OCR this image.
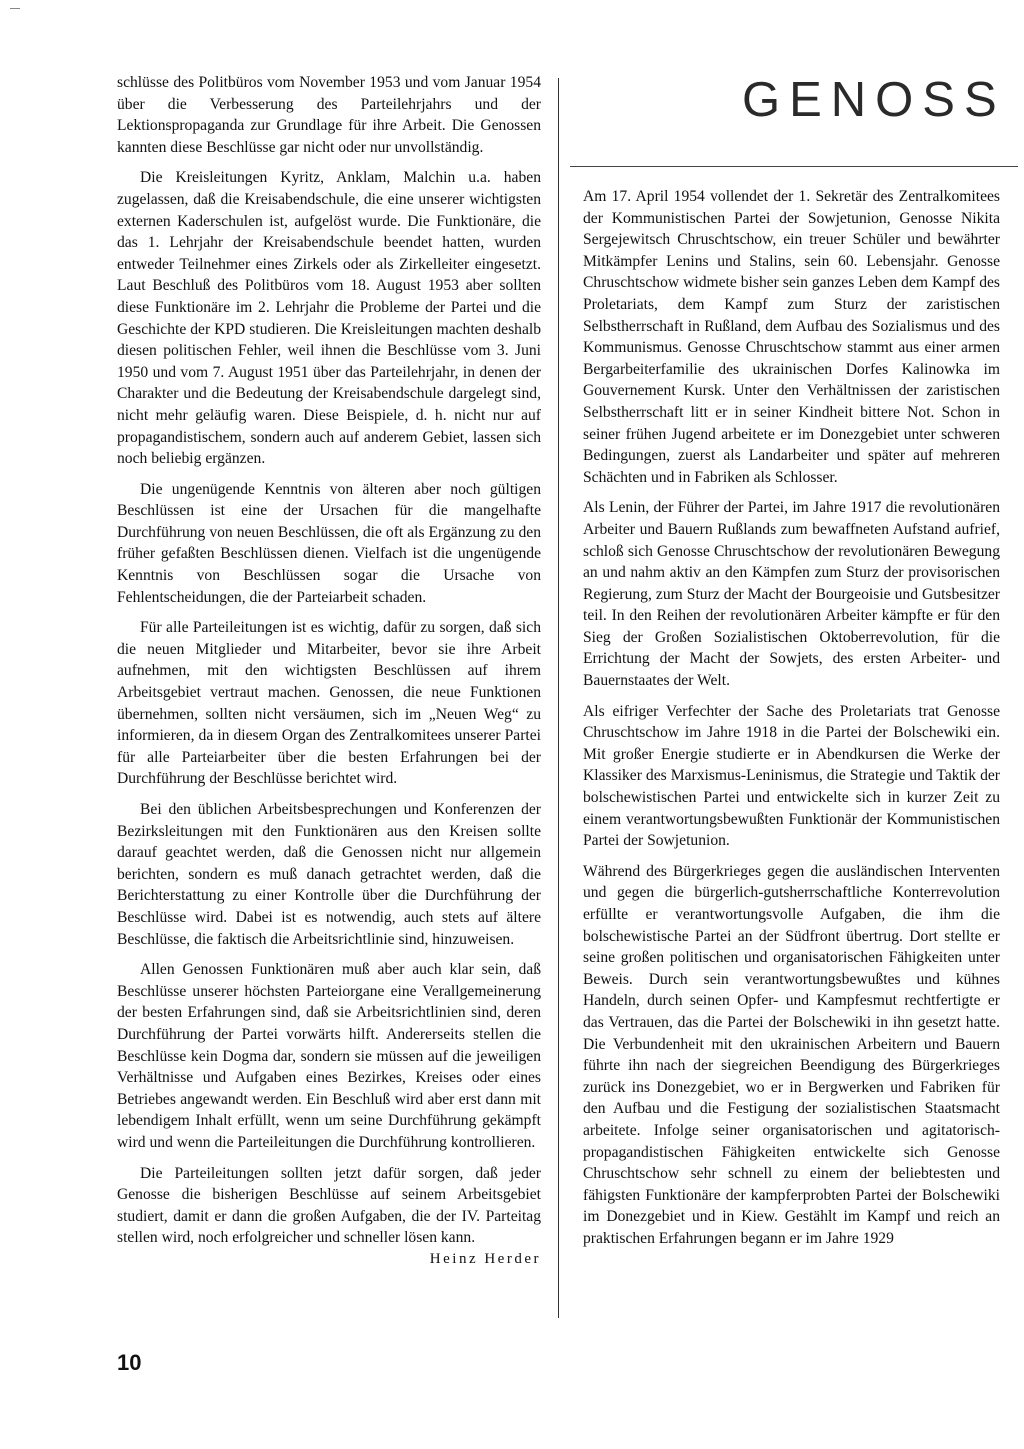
schlüsse des Politbüros vom November 1953 und vom Januar 1954 über die Verbesserung des Parteilehrjahrs und der Lektionspropaganda zur Grundlage für ihre Arbeit. Die Genossen kannten diese Beschlüsse gar nicht oder nur unvollständig.

Die Kreisleitungen Kyritz, Anklam, Malchin u.a. haben zugelassen, daß die Kreisabendschule, die eine unserer wichtigsten externen Kaderschulen ist, aufgelöst wurde. Die Funktionäre, die das 1. Lehrjahr der Kreisabendschule beendet hatten, wurden entweder Teilnehmer eines Zirkels oder als Zirkelleiter eingesetzt. Laut Beschluß des Politbüros vom 18. August 1953 aber sollten diese Funktionäre im 2. Lehrjahr die Probleme der Partei und die Geschichte der KPD studieren. Die Kreisleitungen machten deshalb diesen politischen Fehler, weil ihnen die Beschlüsse vom 3. Juni 1950 und vom 7. August 1951 über das Parteilehrjahr, in denen der Charakter und die Bedeutung der Kreisabendschule dargelegt sind, nicht mehr geläufig waren. Diese Beispiele, d. h. nicht nur auf propagandistischem, sondern auch auf anderem Gebiet, lassen sich noch beliebig ergänzen.

Die ungenügende Kenntnis von älteren aber noch gültigen Beschlüssen ist eine der Ursachen für die mangelhafte Durchführung von neuen Beschlüssen, die oft als Ergänzung zu den früher gefaßten Beschlüssen dienen. Vielfach ist die ungenügende Kenntnis von Beschlüssen sogar die Ursache von Fehlentscheidungen, die der Parteiarbeit schaden.

Für alle Parteileitungen ist es wichtig, dafür zu sorgen, daß sich die neuen Mitglieder und Mitarbeiter, bevor sie ihre Arbeit aufnehmen, mit den wichtigsten Beschlüssen auf ihrem Arbeitsgebiet vertraut machen. Genossen, die neue Funktionen übernehmen, sollten nicht versäumen, sich im „Neuen Weg“ zu informieren, da in diesem Organ des Zentralkomitees unserer Partei für alle Parteiarbeiter über die besten Erfahrungen bei der Durchführung der Beschlüsse berichtet wird.

Bei den üblichen Arbeitsbesprechungen und Konferenzen der Bezirksleitungen mit den Funktionären aus den Kreisen sollte darauf geachtet werden, daß die Genossen nicht nur allgemein berichten, sondern es muß danach getrachtet werden, daß die Berichterstattung zu einer Kontrolle über die Durchführung der Beschlüsse wird. Dabei ist es notwendig, auch stets auf ältere Beschlüsse, die faktisch die Arbeitsrichtlinie sind, hinzuweisen.

Allen Genossen Funktionären muß aber auch klar sein, daß Beschlüsse unserer höchsten Parteiorgane eine Verallgemeinerung der besten Erfahrungen sind, daß sie Arbeitsrichtlinien sind, deren Durchführung der Partei vorwärts hilft. Andererseits stellen die Beschlüsse kein Dogma dar, sondern sie müssen auf die jeweiligen Verhältnisse und Aufgaben eines Bezirkes, Kreises oder eines Betriebes angewandt werden. Ein Beschluß wird aber erst dann mit lebendigem Inhalt erfüllt, wenn um seine Durchführung gekämpft wird und wenn die Parteileitungen die Durchführung kontrollieren.

Die Parteileitungen sollten jetzt dafür sorgen, daß jeder Genosse die bisherigen Beschlüsse auf seinem Arbeitsgebiet studiert, damit er dann die großen Aufgaben, die der IV. Parteitag stellen wird, noch erfolgreicher und schneller lösen kann.

Heinz Herder
GENOSS

Am 17. April 1954 vollendet der 1. Sekretär des Zentralkomitees der Kommunistischen Partei der Sowjetunion, Genosse Nikita Sergejewitsch Chruschtschow, ein treuer Schüler und bewährter Mitkämpfer Lenins und Stalins, sein 60. Lebensjahr. Genosse Chruschtschow widmete bisher sein ganzes Leben dem Kampf des Proletariats, dem Kampf zum Sturz der zaristischen Selbstherrschaft in Rußland, dem Aufbau des Sozialismus und des Kommunismus. Genosse Chruschtschow stammt aus einer armen Bergarbeiterfamilie des ukrainischen Dorfes Kalinowka im Gouvernement Kursk. Unter den Verhältnissen der zaristischen Selbstherrschaft litt er in seiner Kindheit bittere Not. Schon in seiner frühen Jugend arbeitete er im Donezgebiet unter schweren Bedingungen, zuerst als Landarbeiter und später auf mehreren Schächten und in Fabriken als Schlosser.

Als Lenin, der Führer der Partei, im Jahre 1917 die revolutionären Arbeiter und Bauern Rußlands zum bewaffneten Aufstand aufrief, schloß sich Genosse Chruschtschow der revolutionären Bewegung an und nahm aktiv an den Kämpfen zum Sturz der provisorischen Regierung, zum Sturz der Macht der Bourgeoisie und Gutsbesitzer teil. In den Reihen der revolutionären Arbeiter kämpfte er für den Sieg der Großen Sozialistischen Oktoberrevolution, für die Errichtung der Macht der Sowjets, des ersten Arbeiter- und Bauernstaates der Welt.

Als eifriger Verfechter der Sache des Proletariats trat Genosse Chruschtschow im Jahre 1918 in die Partei der Bolschewiki ein. Mit großer Energie studierte er in Abendkursen die Werke der Klassiker des Marxismus-Leninismus, die Strategie und Taktik der bolschewistischen Partei und entwickelte sich in kurzer Zeit zu einem verantwortungsbewußten Funktionär der Kommunistischen Partei der Sowjetunion.

Während des Bürgerkrieges gegen die ausländischen Interventen und gegen die bürgerlich-gutsherrschaftliche Konterrevolution erfüllte er verantwortungsvolle Aufgaben, die ihm die bolschewistische Partei an der Südfront übertrug. Dort stellte er seine großen politischen und organisatorischen Fähigkeiten unter Beweis. Durch sein verantwortungsbewußtes und kühnes Handeln, durch seinen Opfer- und Kampfesmut rechtfertigte er das Vertrauen, das die Partei der Bolschewiki in ihn gesetzt hatte. Die Verbundenheit mit den ukrainischen Arbeitern und Bauern führte ihn nach der siegreichen Beendigung des Bürgerkrieges zurück ins Donezgebiet, wo er in Bergwerken und Fabriken für den Aufbau und die Festigung der sozialistischen Staatsmacht arbeitete. Infolge seiner organisatorischen und agitatorisch-propagandistischen Fähigkeiten entwickelte sich Genosse Chruschtschow sehr schnell zu einem der beliebtesten und fähigsten Funktionäre der kampferprobten Partei der Bolschewiki im Donezgebiet und in Kiew. Gestählt im Kampf und reich an praktischen Erfahrungen begann er im Jahre 1929

10
